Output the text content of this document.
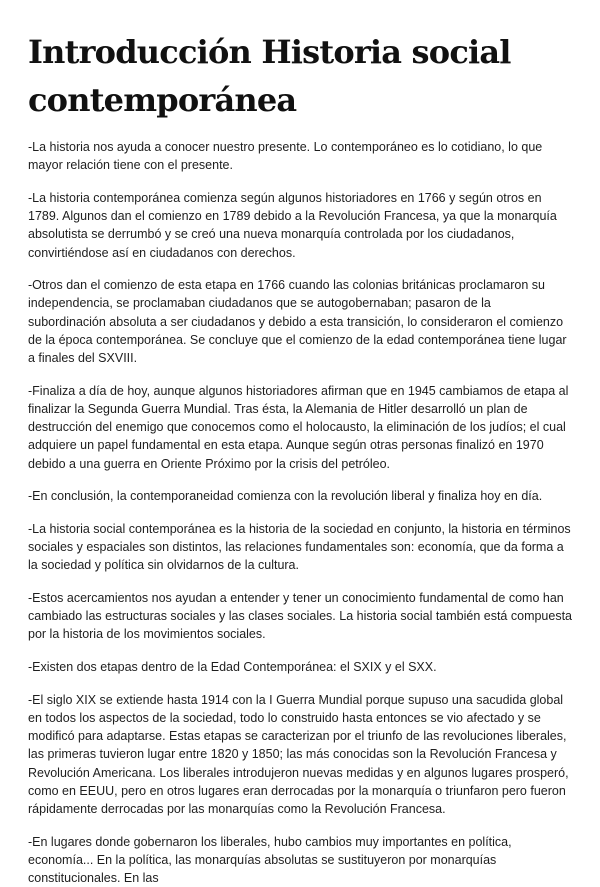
Introducción Historia social contemporánea

-La historia nos ayuda a conocer nuestro presente. Lo contemporáneo es lo cotidiano, lo que mayor relación tiene con el presente.

-La historia contemporánea comienza según algunos historiadores en 1766 y según otros en 1789. Algunos dan el comienzo en 1789 debido a la Revolución Francesa, ya que la monarquía absolutista se derrumbó y se creó una nueva monarquía controlada por los ciudadanos, convirtiéndose así en ciudadanos con derechos.

-Otros dan el comienzo de esta etapa en 1766 cuando las colonias británicas proclamaron su independencia, se proclamaban ciudadanos que se autogobernaban; pasaron de la subordinación absoluta a ser ciudadanos y debido a esta transición, lo consideraron el comienzo de la época contemporánea. Se concluye que el comienzo de la edad contemporánea tiene lugar a finales del SXVIII.

-Finaliza a día de hoy, aunque algunos historiadores afirman que en 1945 cambiamos de etapa al finalizar la Segunda Guerra Mundial. Tras ésta, la Alemania de Hitler desarrolló un plan de destrucción del enemigo que conocemos como el holocausto, la eliminación de los judíos; el cual adquiere un papel fundamental en esta etapa. Aunque según otras personas finalizó en 1970 debido a una guerra en Oriente Próximo por la crisis del petróleo.

-En conclusión, la contemporaneidad comienza con la revolución liberal y finaliza hoy en día.

-La historia social contemporánea es la historia de la sociedad en conjunto, la historia en términos sociales y espaciales son distintos, las relaciones fundamentales son: economía, que da forma a la sociedad y política sin olvidarnos de la cultura.

-Estos acercamientos nos ayudan a entender y tener un conocimiento fundamental de como han cambiado las estructuras sociales y las clases sociales. La historia social también está compuesta por la historia de los movimientos sociales.

-Existen dos etapas dentro de la Edad Contemporánea: el SXIX y el SXX.

-El siglo XIX se extiende hasta 1914 con la I Guerra Mundial porque supuso una sacudida global en todos los aspectos de la sociedad, todo lo construido hasta entonces se vio afectado y se modificó para adaptarse. Estas etapas se caracterizan por el triunfo de las revoluciones liberales, las primeras tuvieron lugar entre 1820 y 1850; las más conocidas son la Revolución Francesa y Revolución Americana. Los liberales introdujeron nuevas medidas y en algunos lugares prosperó, como en EEUU, pero en otros lugares eran derrocadas por la monarquía o triunfaron pero fueron rápidamente derrocadas por las monarquías como la Revolución Francesa.

-En lugares donde gobernaron los liberales, hubo cambios muy importantes en política, economía... En la política, las monarquías absolutas se sustituyeron por monarquías constitucionales. En las
